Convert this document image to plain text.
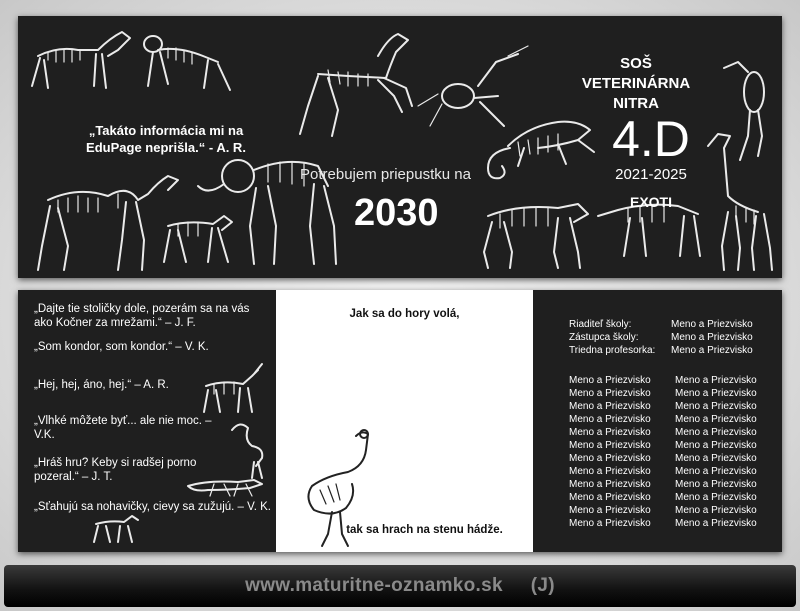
„Takáto informácia mi na EduPage neprišla.“ - A. R.
Potrebujem priepustku na
2030
SOŠ VETERINÁRNA
NITRA
4.D
2021-2025
EXOTI
„Dajte tie stoličky dole, pozerám sa na vás ako Kočner za mrežami.“ – J. F.
„Som kondor, som kondor.“ – V. K.
„Hej, hej, áno, hej.“ – A. R.
„Vlhké môžete byť... ale nie moc. – V.K.
„Hráš hru? Keby si radšej porno pozeral.“ – J. T.
„Sťahujú sa nohavičky, cievy sa zužujú. – V. K.
Jak sa do hory volá,
tak sa hrach na stenu hádže.
Riaditeľ školy:	Meno a Priezvisko
Zástupca školy:	Meno a Priezvisko
Triedna profesorka: Meno a Priezvisko
Meno a Priezvisko
Meno a Priezvisko
Meno a Priezvisko
Meno a Priezvisko
Meno a Priezvisko
Meno a Priezvisko
Meno a Priezvisko
Meno a Priezvisko
Meno a Priezvisko
Meno a Priezvisko
Meno a Priezvisko
Meno a Priezvisko
Meno a Priezvisko
Meno a Priezvisko
Meno a Priezvisko
Meno a Priezvisko
Meno a Priezvisko
Meno a Priezvisko
Meno a Priezvisko
Meno a Priezvisko
Meno a Priezvisko
Meno a Priezvisko
Meno a Priezvisko
Meno a Priezvisko
www.maturitne-oznamko.sk     (J)
